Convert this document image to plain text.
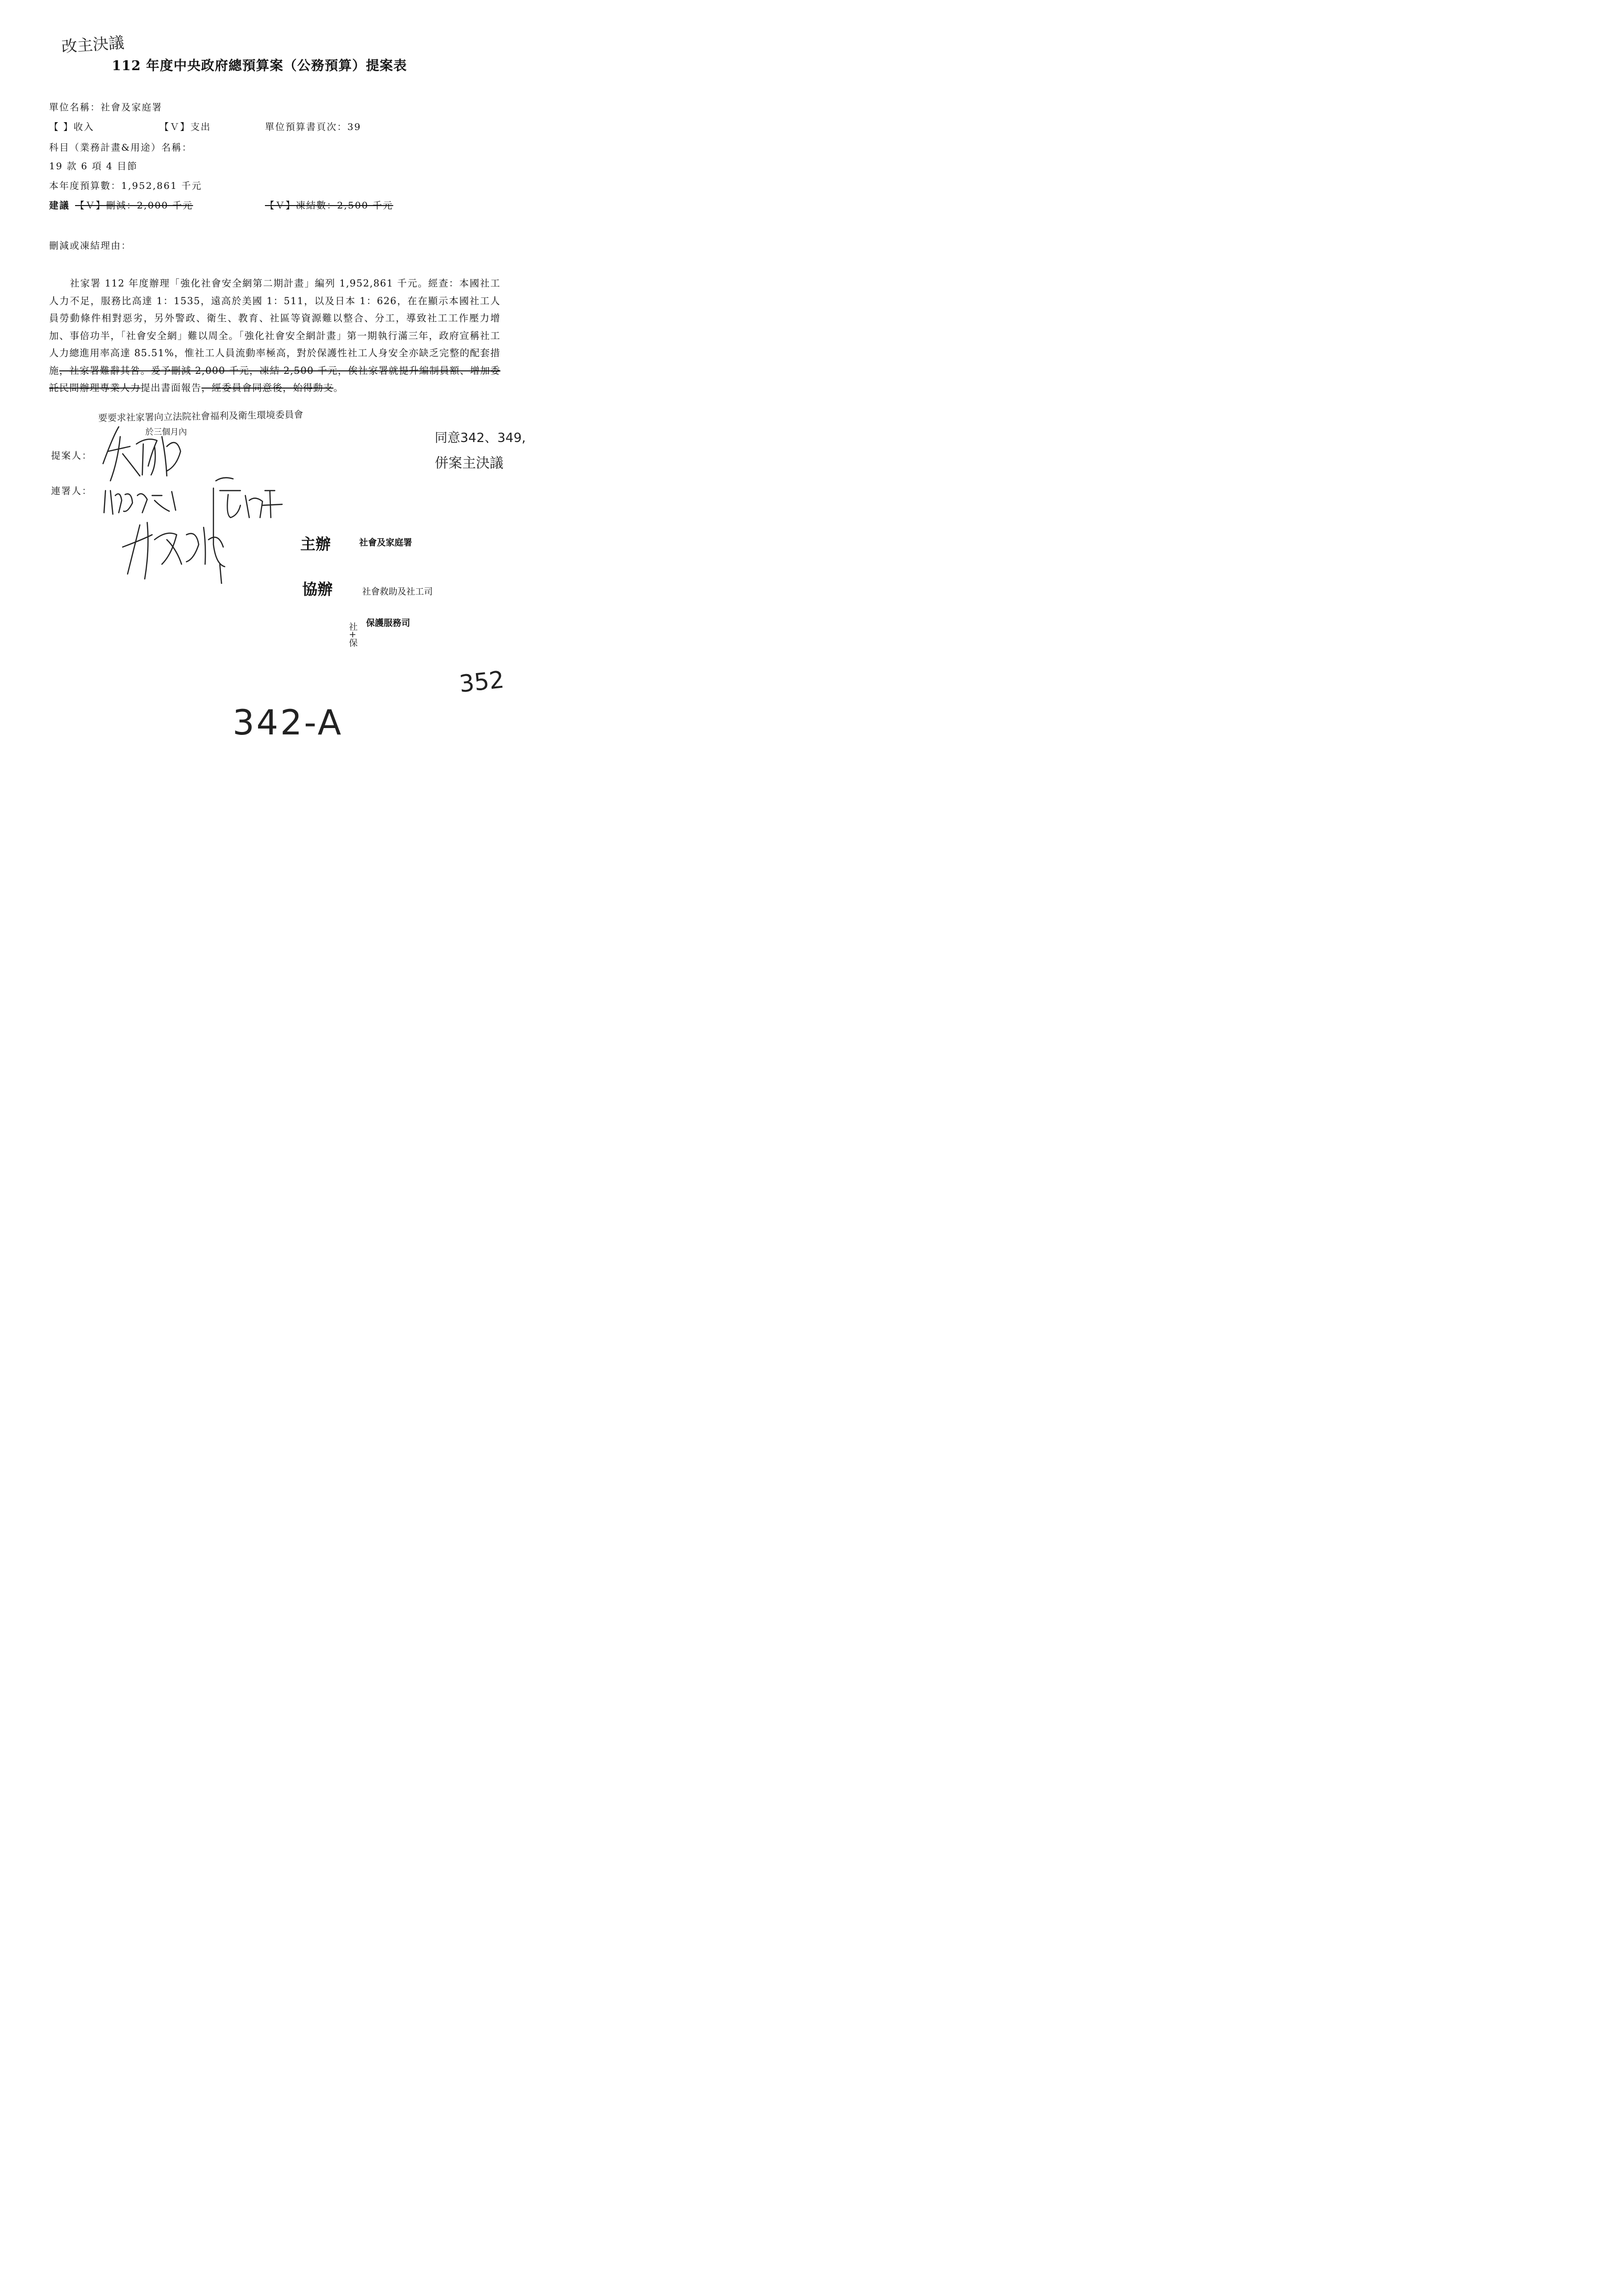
改主決議
112 年度中央政府總預算案（公務預算）提案表
單位名稱：社會及家庭署
【 】收入	【Ｖ】支出	單位預算書頁次：39
科目（業務計畫&用途）名稱：
19 款 6 項 4 目節
本年度預算數：1,952,861 千元
建議 【Ｖ】刪減：2,000 千元	【Ｖ】凍結數：2,500 千元
刪減或凍結理由：
社家署 112 年度辦理「強化社會安全網第二期計畫」編列 1,952,861 千元。經查：本國社工人力不足，服務比高達 1：1535，遠高於美國 1：511，以及日本 1：626，在在顯示本國社工人員勞動條件相對惡劣，另外警政、衛生、教育、社區等資源難以整合、分工，導致社工工作壓力增加、事倍功半，「社會安全網」難以周全。「強化社會安全網計畫」第一期執行滿三年，政府宣稱社工人力總進用率高達 85.51%，惟社工人員流動率極高，對於保護性社工人身安全亦缺乏完整的配套措施，社家署難辭其咎。爰予刪減 2,000 千元，凍結 2,500 千元，俟社家署就提升編制員額、增加委託民間辦理專業人力提出書面報告，經委員會同意後，始得動支。
要要求社家署向立法院社會福利及衛生環境委員會
於三個月內	同意342、349,
併案主決議
提案人：
連署人：
主辦	社會及家庭署
協辦	社會救助及社工司
保護服務司
社+保
352
342-A
